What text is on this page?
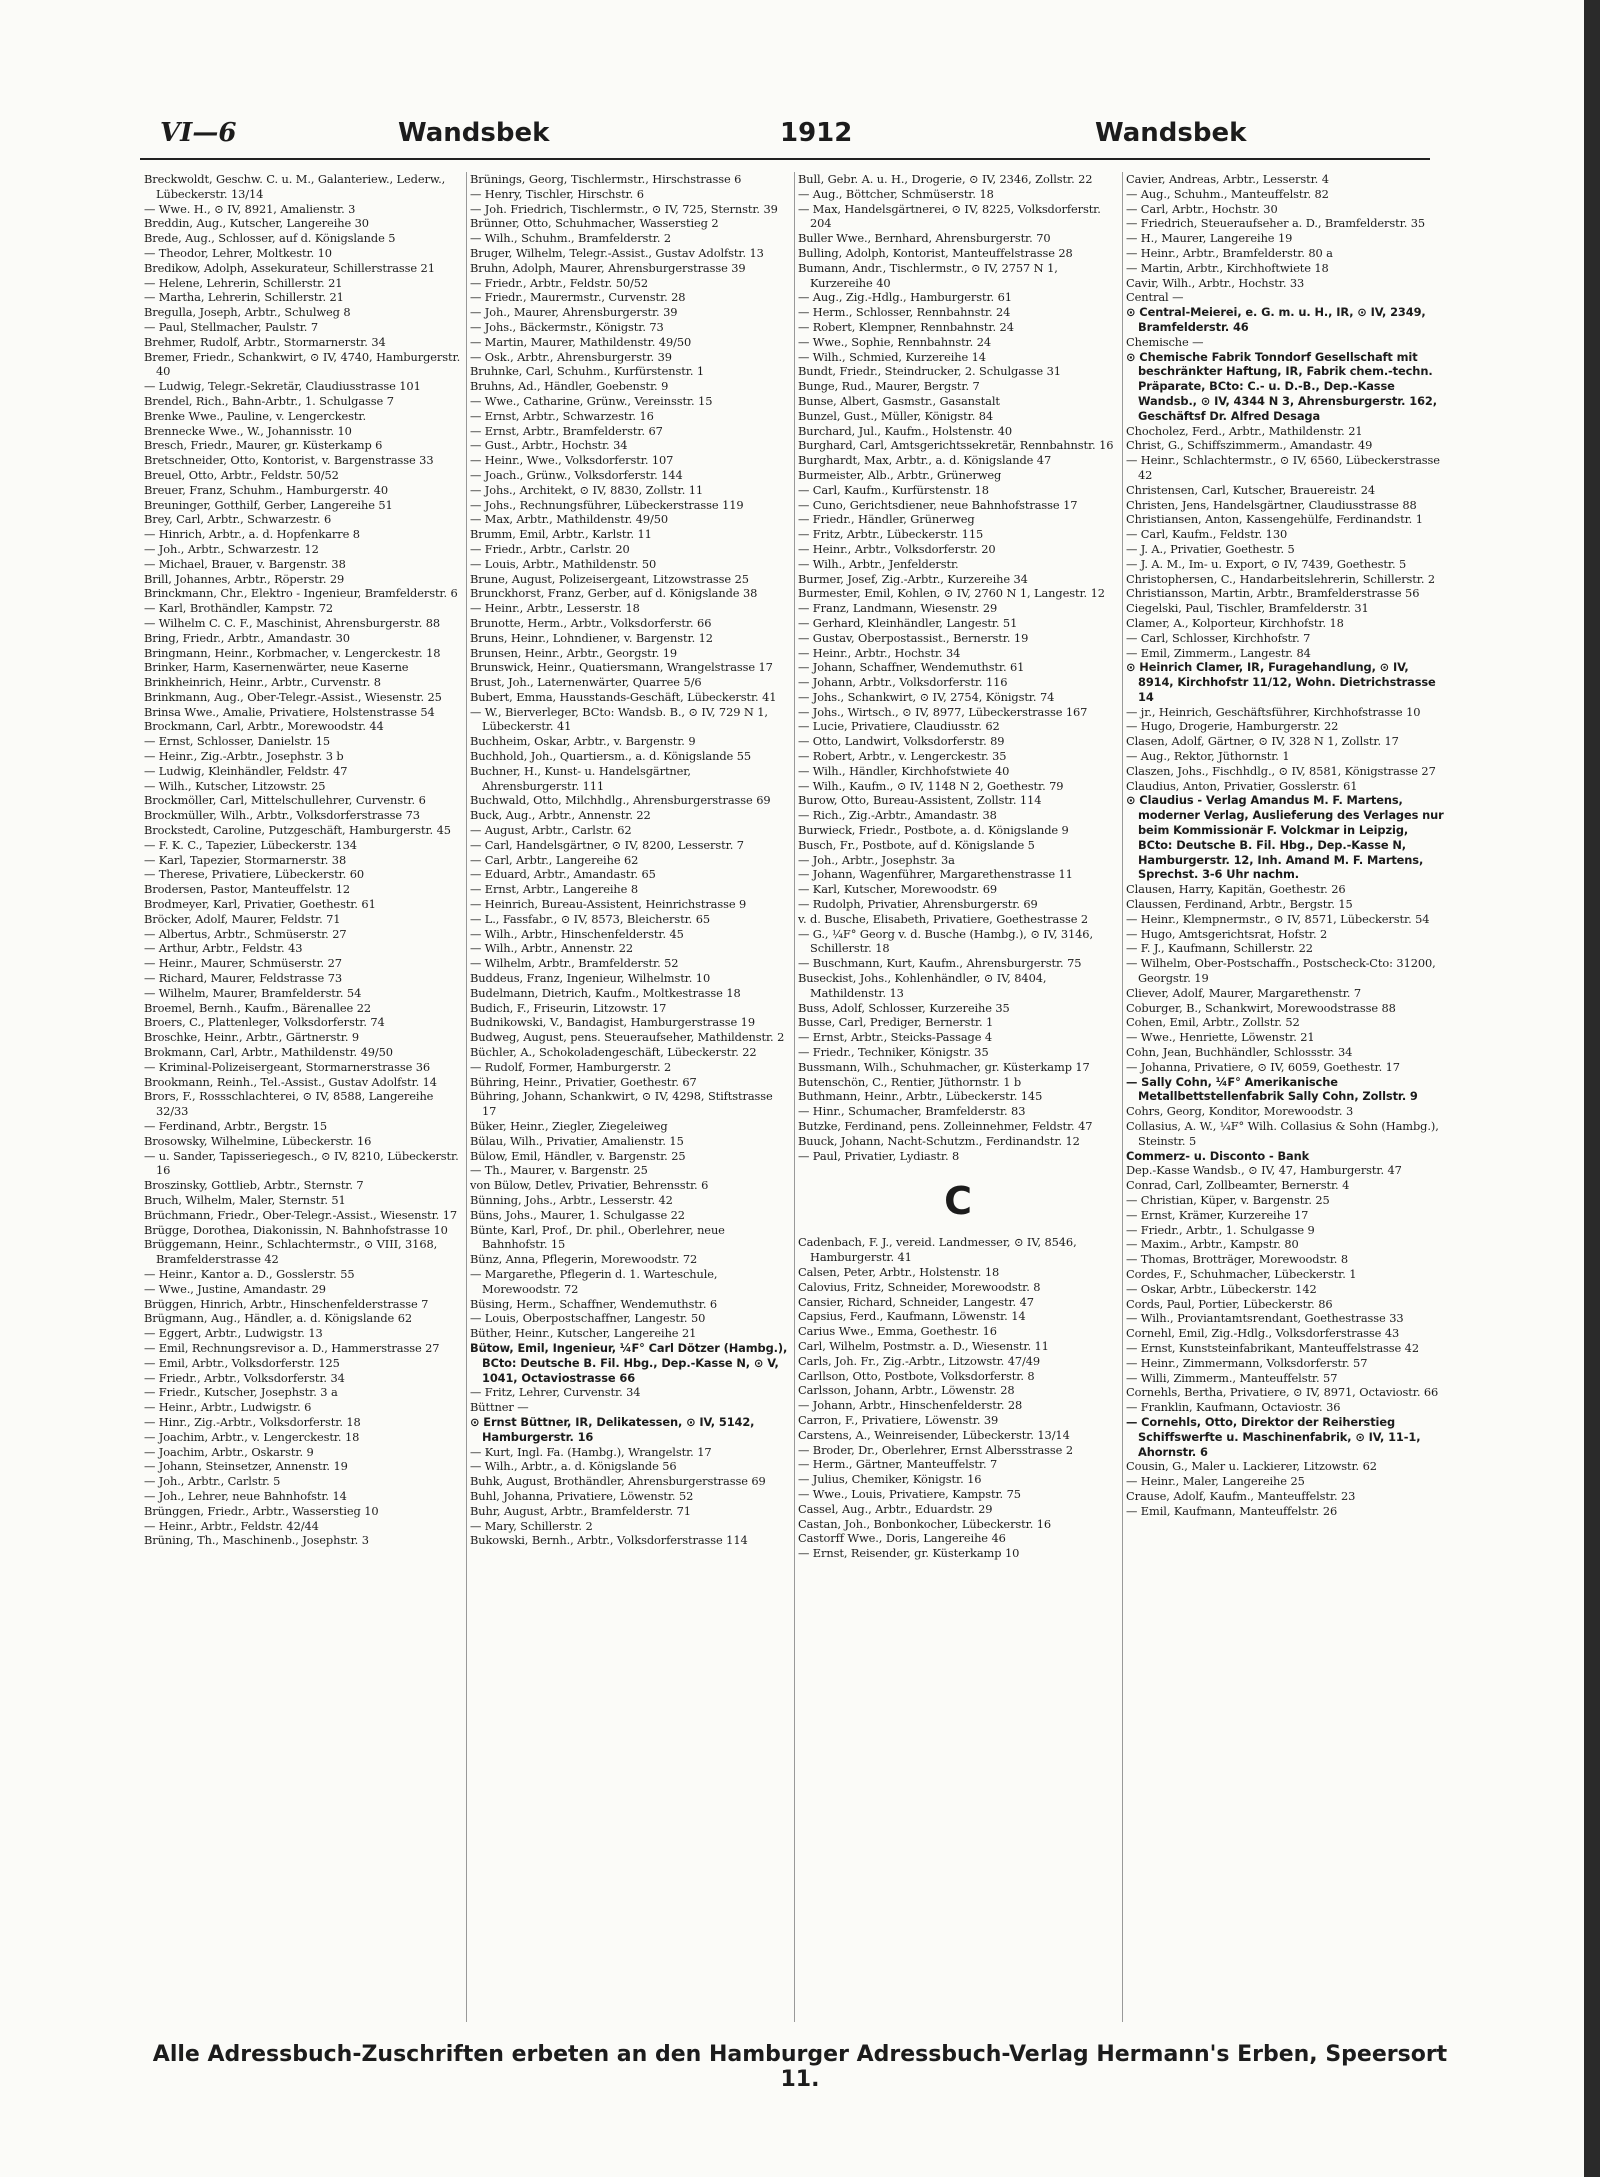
VI—6	Wandsbek	1912	Wandsbek

Breckwoldt, Geschw. C. u. M., Galanteriew., Lederw., Lübeckerstr. 13/14

— Wwe. H., ⊙ IV, 8921, Amalienstr. 3

Breddin, Aug., Kutscher, Langereihe 30

Brede, Aug., Schlosser, auf d. Königslande 5

— Theodor, Lehrer, Moltkestr. 10

Bredikow, Adolph, Assekurateur, Schillerstrasse 21

— Helene, Lehrerin, Schillerstr. 21

— Martha, Lehrerin, Schillerstr. 21

Bregulla, Joseph, Arbtr., Schulweg 8

— Paul, Stellmacher, Paulstr. 7

Brehmer, Rudolf, Arbtr., Stormarnerstr. 34

Bremer, Friedr., Schankwirt, ⊙ IV, 4740, Hamburgerstr. 40

— Ludwig, Telegr.-Sekretär, Claudiusstrasse 101

Brendel, Rich., Bahn-Arbtr., 1. Schulgasse 7

Brenke Wwe., Pauline, v. Lengerckestr.

Brennecke Wwe., W., Johannisstr. 10

Bresch, Friedr., Maurer, gr. Küsterkamp 6

Bretschneider, Otto, Kontorist, v. Bargenstrasse 33

Breuel, Otto, Arbtr., Feldstr. 50/52

Breuer, Franz, Schuhm., Hamburgerstr. 40

Breuninger, Gotthilf, Gerber, Langereihe 51

Brey, Carl, Arbtr., Schwarzestr. 6

— Hinrich, Arbtr., a. d. Hopfenkarre 8

— Joh., Arbtr., Schwarzestr. 12

— Michael, Brauer, v. Bargenstr. 38

Brill, Johannes, Arbtr., Röperstr. 29

Brinckmann, Chr., Elektro - Ingenieur, Bramfelderstr. 6

— Karl, Brothändler, Kampstr. 72

— Wilhelm C. C. F., Maschinist, Ahrensburgerstr. 88

Bring, Friedr., Arbtr., Amandastr. 30

Bringmann, Heinr., Korbmacher, v. Lengerckestr. 18

Brinker, Harm, Kasernenwärter, neue Kaserne

Brinkheinrich, Heinr., Arbtr., Curvenstr. 8

Brinkmann, Aug., Ober-Telegr.-Assist., Wiesenstr. 25

Brinsa Wwe., Amalie, Privatiere, Holstenstrasse 54

Brockmann, Carl, Arbtr., Morewoodstr. 44

— Ernst, Schlosser, Danielstr. 15

— Heinr., Zig.-Arbtr., Josephstr. 3 b

— Ludwig, Kleinhändler, Feldstr. 47

— Wilh., Kutscher, Litzowstr. 25

Brockmöller, Carl, Mittelschullehrer, Curvenstr. 6

Brockmüller, Wilh., Arbtr., Volksdorferstrasse 73

Brockstedt, Caroline, Putzgeschäft, Hamburgerstr. 45

— F. K. C., Tapezier, Lübeckerstr. 134

— Karl, Tapezier, Stormarnerstr. 38

— Therese, Privatiere, Lübeckerstr. 60

Brodersen, Pastor, Manteuffelstr. 12

Brodmeyer, Karl, Privatier, Goethestr. 61

Bröcker, Adolf, Maurer, Feldstr. 71

— Albertus, Arbtr., Schmüserstr. 27

— Arthur, Arbtr., Feldstr. 43

— Heinr., Maurer, Schmüserstr. 27

— Richard, Maurer, Feldstrasse 73

— Wilhelm, Maurer, Bramfelderstr. 54

Broemel, Bernh., Kaufm., Bärenallee 22

Broers, C., Plattenleger, Volksdorferstr. 74

Broschke, Heinr., Arbtr., Gärtnerstr. 9

Brokmann, Carl, Arbtr., Mathildenstr. 49/50

— Kriminal-Polizeisergeant, Stormarnerstrasse 36

Brookmann, Reinh., Tel.-Assist., Gustav Adolfstr. 14

Brors, F., Rossschlachterei, ⊙ IV, 8588, Langereihe 32/33

— Ferdinand, Arbtr., Bergstr. 15

Brosowsky, Wilhelmine, Lübeckerstr. 16

— u. Sander, Tapisseriegesch., ⊙ IV, 8210, Lübeckerstr. 16

Broszinsky, Gottlieb, Arbtr., Sternstr. 7

Bruch, Wilhelm, Maler, Sternstr. 51

Brüchmann, Friedr., Ober-Telegr.-Assist., Wiesenstr. 17

Brügge, Dorothea, Diakonissin, N. Bahnhofstrasse 10

Brüggemann, Heinr., Schlachtermstr., ⊙ VIII, 3168, Bramfelderstrasse 42

— Heinr., Kantor a. D., Gosslerstr. 55

— Wwe., Justine, Amandastr. 29

Brüggen, Hinrich, Arbtr., Hinschenfelderstrasse 7

Brügmann, Aug., Händler, a. d. Königslande 62

— Eggert, Arbtr., Ludwigstr. 13

— Emil, Rechnungsrevisor a. D., Hammerstrasse 27

— Emil, Arbtr., Volksdorferstr. 125

— Friedr., Arbtr., Volksdorferstr. 34

— Friedr., Kutscher, Josephstr. 3 a

— Heinr., Arbtr., Ludwigstr. 6

— Hinr., Zig.-Arbtr., Volksdorferstr. 18

— Joachim, Arbtr., v. Lengerckestr. 18

— Joachim, Arbtr., Oskarstr. 9

— Johann, Steinsetzer, Annenstr. 19

— Joh., Arbtr., Carlstr. 5

— Joh., Lehrer, neue Bahnhofstr. 14

Brünggen, Friedr., Arbtr., Wasserstieg 10

— Heinr., Arbtr., Feldstr. 42/44

Brüning, Th., Maschinenb., Josephstr. 3

Brünings, Georg, Tischlermstr., Hirschstrasse 6

— Henry, Tischler, Hirschstr. 6

— Joh. Friedrich, Tischlermstr., ⊙ IV, 725, Sternstr. 39

Brünner, Otto, Schuhmacher, Wasserstieg 2

— Wilh., Schuhm., Bramfelderstr. 2

Bruger, Wilhelm, Telegr.-Assist., Gustav Adolfstr. 13

Bruhn, Adolph, Maurer, Ahrensburgerstrasse 39

— Friedr., Arbtr., Feldstr. 50/52

— Friedr., Maurermstr., Curvenstr. 28

— Joh., Maurer, Ahrensburgerstr. 39

— Johs., Bäckermstr., Königstr. 73

— Martin, Maurer, Mathildenstr. 49/50

— Osk., Arbtr., Ahrensburgerstr. 39

Bruhnke, Carl, Schuhm., Kurfürstenstr. 1

Bruhns, Ad., Händler, Goebenstr. 9

— Wwe., Catharine, Grünw., Vereinsstr. 15

— Ernst, Arbtr., Schwarzestr. 16

— Ernst, Arbtr., Bramfelderstr. 67

— Gust., Arbtr., Hochstr. 34

— Heinr., Wwe., Volksdorferstr. 107

— Joach., Grünw., Volksdorferstr. 144

— Johs., Architekt, ⊙ IV, 8830, Zollstr. 11

— Johs., Rechnungsführer, Lübeckerstrasse 119

— Max, Arbtr., Mathildenstr. 49/50

Brumm, Emil, Arbtr., Karlstr. 11

— Friedr., Arbtr., Carlstr. 20

— Louis, Arbtr., Mathildenstr. 50

Brune, August, Polizeisergeant, Litzowstrasse 25

Brunckhorst, Franz, Gerber, auf d. Königslande 38

— Heinr., Arbtr., Lesserstr. 18

Brunotte, Herm., Arbtr., Volksdorferstr. 66

Bruns, Heinr., Lohndiener, v. Bargenstr. 12

Brunsen, Heinr., Arbtr., Georgstr. 19

Brunswick, Heinr., Quatiersmann, Wrangelstrasse 17

Brust, Joh., Laternenwärter, Quarree 5/6

Bubert, Emma, Hausstands-Geschäft, Lübeckerstr. 41

— W., Bierverleger, BCto: Wandsb. B., ⊙ IV, 729 N 1, Lübeckerstr. 41

Buchheim, Oskar, Arbtr., v. Bargenstr. 9

Buchhold, Joh., Quartiersm., a. d. Königslande 55

Buchner, H., Kunst- u. Handelsgärtner, Ahrensburgerstr. 111

Buchwald, Otto, Milchhdlg., Ahrensburgerstrasse 69

Buck, Aug., Arbtr., Annenstr. 22

— August, Arbtr., Carlstr. 62

— Carl, Handelsgärtner, ⊙ IV, 8200, Lesserstr. 7

— Carl, Arbtr., Langereihe 62

— Eduard, Arbtr., Amandastr. 65

— Ernst, Arbtr., Langereihe 8

— Heinrich, Bureau-Assistent, Heinrichstrasse 9

— L., Fassfabr., ⊙ IV, 8573, Bleicherstr. 65

— Wilh., Arbtr., Hinschenfelderstr. 45

— Wilh., Arbtr., Annenstr. 22

— Wilhelm, Arbtr., Bramfelderstr. 52

Buddeus, Franz, Ingenieur, Wilhelmstr. 10

Budelmann, Dietrich, Kaufm., Moltkestrasse 18

Budich, F., Friseurin, Litzowstr. 17

Budnikowski, V., Bandagist, Hamburgerstrasse 19

Budweg, August, pens. Steueraufseher, Mathildenstr. 2

Büchler, A., Schokoladengeschäft, Lübeckerstr. 22

— Rudolf, Former, Hamburgerstr. 2

Bühring, Heinr., Privatier, Goethestr. 67

Bühring, Johann, Schankwirt, ⊙ IV, 4298, Stiftstrasse 17

Büker, Heinr., Ziegler, Ziegeleiweg

Bülau, Wilh., Privatier, Amalienstr. 15

Bülow, Emil, Händler, v. Bargenstr. 25

— Th., Maurer, v. Bargenstr. 25

von Bülow, Detlev, Privatier, Behrensstr. 6

Bünning, Johs., Arbtr., Lesserstr. 42

Büns, Johs., Maurer, 1. Schulgasse 22

Bünte, Karl, Prof., Dr. phil., Oberlehrer, neue Bahnhofstr. 15

Bünz, Anna, Pflegerin, Morewoodstr. 72

— Margarethe, Pflegerin d. 1. Warteschule, Morewoodstr. 72

Büsing, Herm., Schaffner, Wendemuthstr. 6

— Louis, Oberpostschaffner, Langestr. 50

Büther, Heinr., Kutscher, Langereihe 21

Bütow, Emil, Ingenieur, ¼F° Carl Dötzer (Hambg.), BCto: Deutsche B. Fil. Hbg., Dep.-Kasse N, ⊙ V, 1041, Octaviostrasse 66

— Fritz, Lehrer, Curvenstr. 34

Büttner —

⊙ Ernst Büttner, IR, Delikatessen, ⊙ IV, 5142, Hamburgerstr. 16

— Kurt, Ingl. Fa. (Hambg.), Wrangelstr. 17

— Wilh., Arbtr., a. d. Königslande 56

Buhk, August, Brothändler, Ahrensburgerstrasse 69

Buhl, Johanna, Privatiere, Löwenstr. 52

Buhr, August, Arbtr., Bramfelderstr. 71

— Mary, Schillerstr. 2

Bukowski, Bernh., Arbtr., Volksdorferstrasse 114

Bull, Gebr. A. u. H., Drogerie, ⊙ IV, 2346, Zollstr. 22

— Aug., Böttcher, Schmüserstr. 18

— Max, Handelsgärtnerei, ⊙ IV, 8225, Volksdorferstr. 204

Buller Wwe., Bernhard, Ahrensburgerstr. 70

Bulling, Adolph, Kontorist, Manteuffelstrasse 28

Bumann, Andr., Tischlermstr., ⊙ IV, 2757 N 1, Kurzereihe 40

— Aug., Zig.-Hdlg., Hamburgerstr. 61

— Herm., Schlosser, Rennbahnstr. 24

— Robert, Klempner, Rennbahnstr. 24

— Wwe., Sophie, Rennbahnstr. 24

— Wilh., Schmied, Kurzereihe 14

Bundt, Friedr., Steindrucker, 2. Schulgasse 31

Bunge, Rud., Maurer, Bergstr. 7

Bunse, Albert, Gasmstr., Gasanstalt

Bunzel, Gust., Müller, Königstr. 84

Burchard, Jul., Kaufm., Holstenstr. 40

Burghard, Carl, Amtsgerichtssekretär, Rennbahnstr. 16

Burghardt, Max, Arbtr., a. d. Königslande 47

Burmeister, Alb., Arbtr., Grünerweg

— Carl, Kaufm., Kurfürstenstr. 18

— Cuno, Gerichtsdiener, neue Bahnhofstrasse 17

— Friedr., Händler, Grünerweg

— Fritz, Arbtr., Lübeckerstr. 115

— Heinr., Arbtr., Volksdorferstr. 20

— Wilh., Arbtr., Jenfelderstr.

Burmer, Josef, Zig.-Arbtr., Kurzereihe 34

Burmester, Emil, Kohlen, ⊙ IV, 2760 N 1, Langestr. 12

— Franz, Landmann, Wiesenstr. 29

— Gerhard, Kleinhändler, Langestr. 51

— Gustav, Oberpostassist., Bernerstr. 19

— Heinr., Arbtr., Hochstr. 34

— Johann, Schaffner, Wendemuthstr. 61

— Johann, Arbtr., Volksdorferstr. 116

— Johs., Schankwirt, ⊙ IV, 2754, Königstr. 74

— Johs., Wirtsch., ⊙ IV, 8977, Lübeckerstrasse 167

— Lucie, Privatiere, Claudiusstr. 62

— Otto, Landwirt, Volksdorferstr. 89

— Robert, Arbtr., v. Lengerckestr. 35

— Wilh., Händler, Kirchhofstwiete 40

— Wilh., Kaufm., ⊙ IV, 1148 N 2, Goethestr. 79

Burow, Otto, Bureau-Assistent, Zollstr. 114

— Rich., Zig.-Arbtr., Amandastr. 38

Burwieck, Friedr., Postbote, a. d. Königslande 9

Busch, Fr., Postbote, auf d. Königslande 5

— Joh., Arbtr., Josephstr. 3a

— Johann, Wagenführer, Margarethenstrasse 11

— Karl, Kutscher, Morewoodstr. 69

— Rudolph, Privatier, Ahrensburgerstr. 69

v. d. Busche, Elisabeth, Privatiere, Goethestrasse 2

— G., ¼F° Georg v. d. Busche (Hambg.), ⊙ IV, 3146, Schillerstr. 18

— Buschmann, Kurt, Kaufm., Ahrensburgerstr. 75

Buseckist, Johs., Kohlenhändler, ⊙ IV, 8404, Mathildenstr. 13

Buss, Adolf, Schlosser, Kurzereihe 35

Busse, Carl, Prediger, Bernerstr. 1

— Ernst, Arbtr., Steicks-Passage 4

— Friedr., Techniker, Königstr. 35

Bussmann, Wilh., Schuhmacher, gr. Küsterkamp 17

Butenschön, C., Rentier, Jüthornstr. 1 b

Buthmann, Heinr., Arbtr., Lübeckerstr. 145

— Hinr., Schumacher, Bramfelderstr. 83

Butzke, Ferdinand, pens. Zolleinnehmer, Feldstr. 47

Buuck, Johann, Nacht-Schutzm., Ferdinandstr. 12

— Paul, Privatier, Lydiastr. 8

C

Cadenbach, F. J., vereid. Landmesser, ⊙ IV, 8546, Hamburgerstr. 41

Calsen, Peter, Arbtr., Holstenstr. 18

Calovius, Fritz, Schneider, Morewoodstr. 8

Cansier, Richard, Schneider, Langestr. 47

Capsius, Ferd., Kaufmann, Löwenstr. 14

Carius Wwe., Emma, Goethestr. 16

Carl, Wilhelm, Postmstr. a. D., Wiesenstr. 11

Carls, Joh. Fr., Zig.-Arbtr., Litzowstr. 47/49

Carllson, Otto, Postbote, Volksdorferstr. 8

Carlsson, Johann, Arbtr., Löwenstr. 28

— Johann, Arbtr., Hinschenfelderstr. 28

Carron, F., Privatiere, Löwenstr. 39

Carstens, A., Weinreisender, Lübeckerstr. 13/14

— Broder, Dr., Oberlehrer, Ernst Albersstrasse 2

— Herm., Gärtner, Manteuffelstr. 7

— Julius, Chemiker, Königstr. 16

— Wwe., Louis, Privatiere, Kampstr. 75

Cassel, Aug., Arbtr., Eduardstr. 29

Castan, Joh., Bonbonkocher, Lübeckerstr. 16

Castorff Wwe., Doris, Langereihe 46

— Ernst, Reisender, gr. Küsterkamp 10

Cavier, Andreas, Arbtr., Lesserstr. 4

— Aug., Schuhm., Manteuffelstr. 82

— Carl, Arbtr., Hochstr. 30

— Friedrich, Steueraufseher a. D., Bramfelderstr. 35

— H., Maurer, Langereihe 19

— Heinr., Arbtr., Bramfelderstr. 80 a

— Martin, Arbtr., Kirchhoftwiete 18

Cavir, Wilh., Arbtr., Hochstr. 33

Central —

⊙ Central-Meierei, e. G. m. u. H., IR, ⊙ IV, 2349, Bramfelderstr. 46

Chemische —

⊙ Chemische Fabrik Tonndorf Gesellschaft mit beschränkter Haftung, IR, Fabrik chem.-techn. Präparate, BCto: C.- u. D.-B., Dep.-Kasse Wandsb., ⊙ IV, 4344 N 3, Ahrensburgerstr. 162, Geschäftsf Dr. Alfred Desaga

Chocholez, Ferd., Arbtr., Mathildenstr. 21

Christ, G., Schiffszimmerm., Amandastr. 49

— Heinr., Schlachtermstr., ⊙ IV, 6560, Lübeckerstrasse 42

Christensen, Carl, Kutscher, Brauereistr. 24

Christen, Jens, Handelsgärtner, Claudiusstrasse 88

Christiansen, Anton, Kassengehülfe, Ferdinandstr. 1

— Carl, Kaufm., Feldstr. 130

— J. A., Privatier, Goethestr. 5

— J. A. M., Im- u. Export, ⊙ IV, 7439, Goethestr. 5

Christophersen, C., Handarbeitslehrerin, Schillerstr. 2

Christiansson, Martin, Arbtr., Bramfelderstrasse 56

Ciegelski, Paul, Tischler, Bramfelderstr. 31

Clamer, A., Kolporteur, Kirchhofstr. 18

— Carl, Schlosser, Kirchhofstr. 7

— Emil, Zimmerm., Langestr. 84

⊙ Heinrich Clamer, IR, Furagehandlung, ⊙ IV, 8914, Kirchhofstr 11/12, Wohn. Dietrichstrasse 14

— jr., Heinrich, Geschäftsführer, Kirchhofstrasse 10

— Hugo, Drogerie, Hamburgerstr. 22

Clasen, Adolf, Gärtner, ⊙ IV, 328 N 1, Zollstr. 17

— Aug., Rektor, Jüthornstr. 1

Claszen, Johs., Fischhdlg., ⊙ IV, 8581, Königstrasse 27

Claudius, Anton, Privatier, Gosslerstr. 61

⊙ Claudius - Verlag Amandus M. F. Martens, moderner Verlag, Auslieferung des Verlages nur beim Kommissionär F. Volckmar in Leipzig, BCto: Deutsche B. Fil. Hbg., Dep.-Kasse N, Hamburgerstr. 12, Inh. Amand M. F. Martens, Sprechst. 3-6 Uhr nachm.

Clausen, Harry, Kapitän, Goethestr. 26

Claussen, Ferdinand, Arbtr., Bergstr. 15

— Heinr., Klempnermstr., ⊙ IV, 8571, Lübeckerstr. 54

— Hugo, Amtsgerichtsrat, Hofstr. 2

— F. J., Kaufmann, Schillerstr. 22

— Wilhelm, Ober-Postschaffn., Postscheck-Cto: 31200, Georgstr. 19

Cliever, Adolf, Maurer, Margarethenstr. 7

Coburger, B., Schankwirt, Morewoodstrasse 88

Cohen, Emil, Arbtr., Zollstr. 52

— Wwe., Henriette, Löwenstr. 21

Cohn, Jean, Buchhändler, Schlossstr. 34

— Johanna, Privatiere, ⊙ IV, 6059, Goethestr. 17

— Sally Cohn, ¼F° Amerikanische Metallbettstellenfabrik Sally Cohn, Zollstr. 9

Cohrs, Georg, Konditor, Morewoodstr. 3

Collasius, A. W., ¼F° Wilh. Collasius & Sohn (Hambg.), Steinstr. 5

Commerz- u. Disconto - Bank

Dep.-Kasse Wandsb., ⊙ IV, 47, Hamburgerstr. 47

Conrad, Carl, Zollbeamter, Bernerstr. 4

— Christian, Küper, v. Bargenstr. 25

— Ernst, Krämer, Kurzereihe 17

— Friedr., Arbtr., 1. Schulgasse 9

— Maxim., Arbtr., Kampstr. 80

— Thomas, Brotträger, Morewoodstr. 8

Cordes, F., Schuhmacher, Lübeckerstr. 1

— Oskar, Arbtr., Lübeckerstr. 142

Cords, Paul, Portier, Lübeckerstr. 86

— Wilh., Proviantamtsrendant, Goethestrasse 33

Cornehl, Emil, Zig.-Hdlg., Volksdorferstrasse 43

— Ernst, Kunststeinfabrikant, Manteuffelstrasse 42

— Heinr., Zimmermann, Volksdorferstr. 57

— Willi, Zimmerm., Manteuffelstr. 57

Cornehls, Bertha, Privatiere, ⊙ IV, 8971, Octaviostr. 66

— Franklin, Kaufmann, Octaviostr. 36

— Cornehls, Otto, Direktor der Reiherstieg Schiffswerfte u. Maschinenfabrik, ⊙ IV, 11-1, Ahornstr. 6

Cousin, G., Maler u. Lackierer, Litzowstr. 62

— Heinr., Maler, Langereihe 25

Crause, Adolf, Kaufm., Manteuffelstr. 23

— Emil, Kaufmann, Manteuffelstr. 26

Alle Adressbuch-Zuschriften erbeten an den Hamburger Adressbuch-Verlag Hermann's Erben, Speersort 11.
